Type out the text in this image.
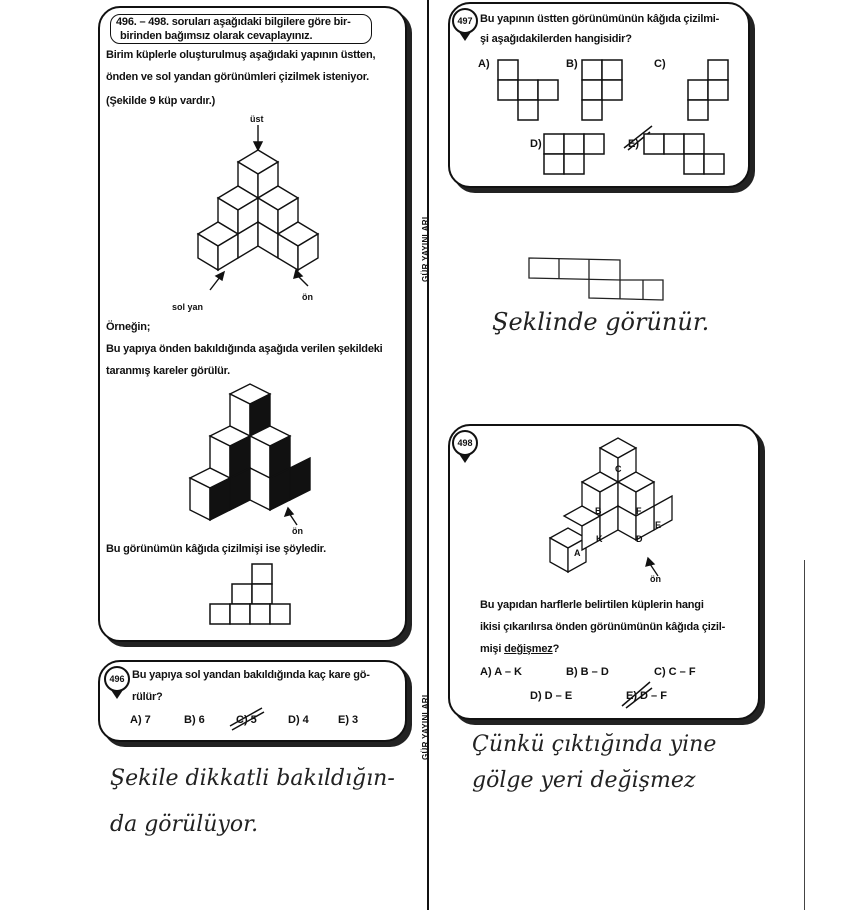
496. – 498. soruları aşağıdaki bilgilere göre bir-
birinden bağımsız olarak cevaplayınız.
Birim küplerle oluşturulmuş aşağıdaki yapının üstten,
önden ve sol yandan görünümleri çizilmek isteniyor.
(Şekilde 9 küp vardır.)
üst
sol yan
ön
Örneğin;
Bu yapıya önden bakıldığında aşağıda verilen şekildeki
taranmış kareler görülür.
ön
Bu görünümün kâğıda çizilmişi ise şöyledir.
496 Bu yapıya sol yandan bakıldığında kaç kare gö-
rülür?
A) 7	B) 6	C) 5	D) 4	E) 3
GÜR YAYINLARI
GÜR YAYINLARI
497 Bu yapının üstten görünümünün kâğıda çizilmi-
şi aşağıdakilerden hangisidir?
A)	B)	C)
D)	E)
Şeklinde görünür.
498
C
B	F
E
K	D
A
ön
Bu yapıdan harflerle belirtilen küplerin hangi
ikisi çıkarılırsa önden görünümünün kâğıda çizil-
mişi değişmez?
A) A – K	B) B – D	C) C – F
D) D – E	E) D – F
Şekile dikkatli bakıldığın-
da görülüyor.
Çünkü çıktığında yine
gölge yeri değişmez
